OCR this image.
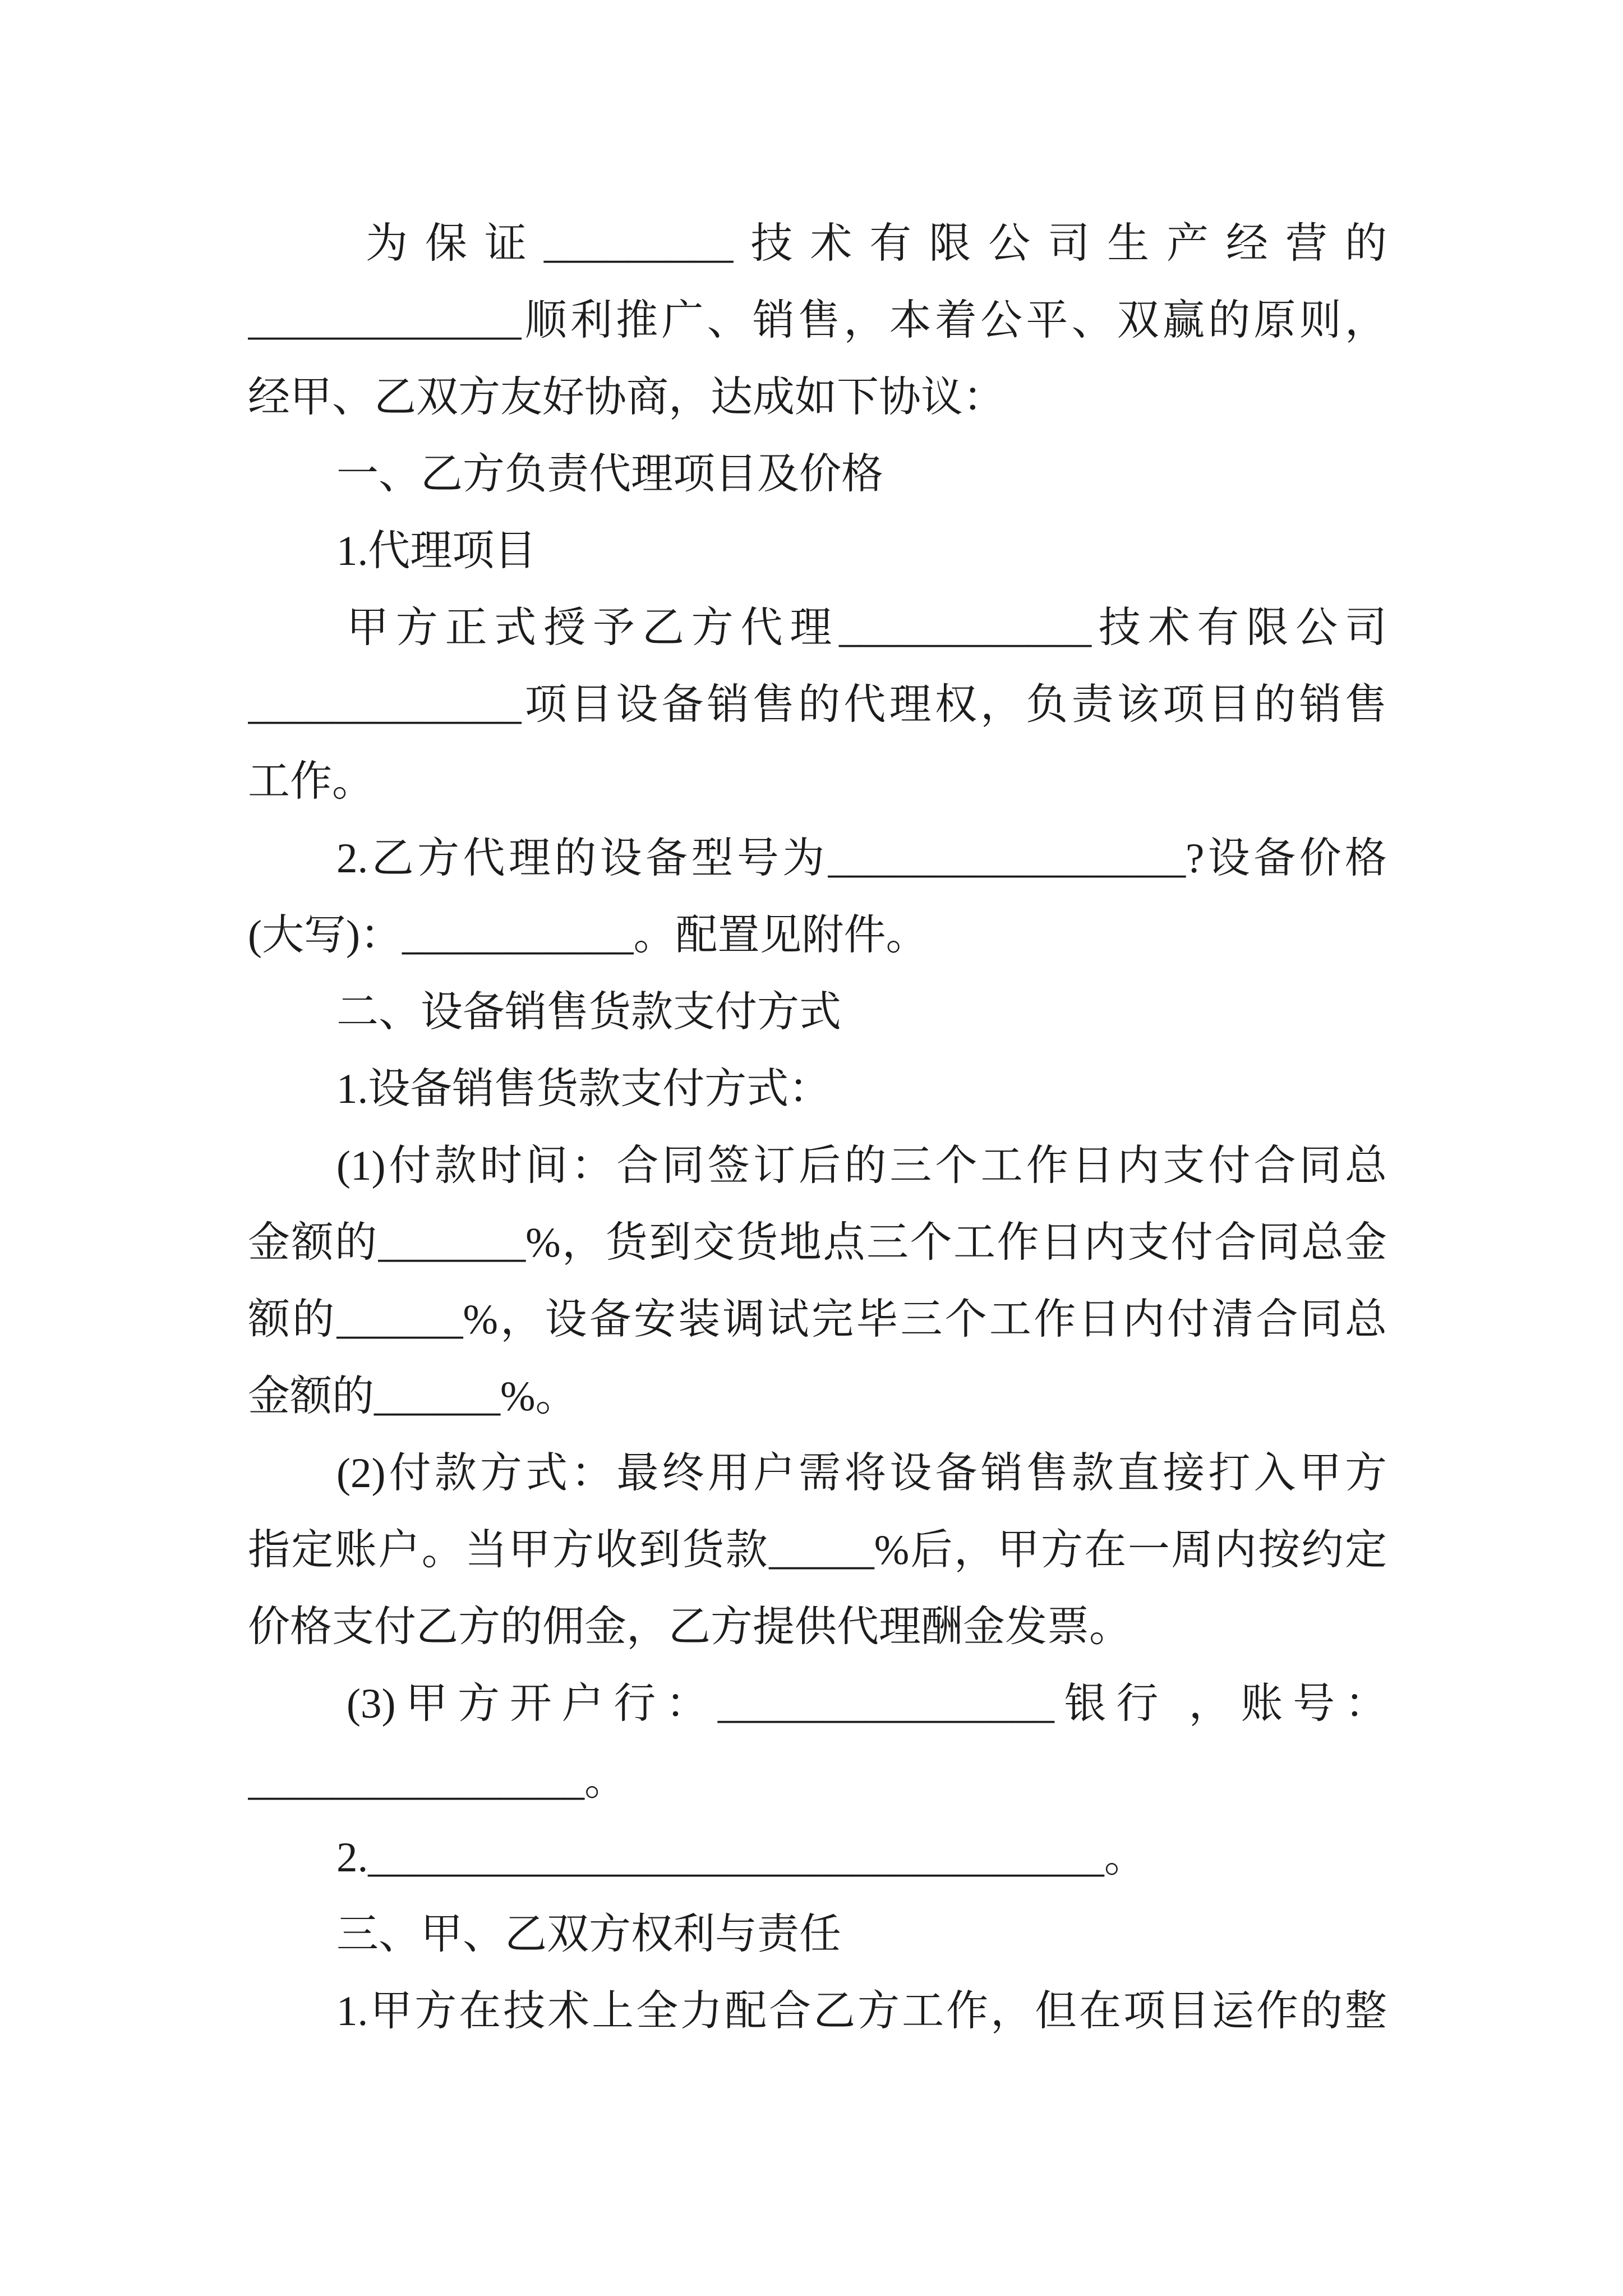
为保证_________技术有限公司生产经营的
_____________顺利推广、销售，本着公平、双赢的原则，
经甲、乙双方友好协商，达成如下协议：
一、乙方负责代理项目及价格
1.代理项目
甲方正式授予乙方代理____________技术有限公司
_____________项目设备销售的代理权，负责该项目的销售
工作。
2.乙方代理的设备型号为_________________?设备价格
(大写)：___________。配置见附件。
二、设备销售货款支付方式
1.设备销售货款支付方式：
(1)付款时间：合同签订后的三个工作日内支付合同总
金额的_______%，货到交货地点三个工作日内支付合同总金
额的______%，设备安装调试完毕三个工作日内付清合同总
金额的______%。
(2)付款方式：最终用户需将设备销售款直接打入甲方
指定账户。当甲方收到货款_____%后，甲方在一周内按约定
价格支付乙方的佣金，乙方提供代理酬金发票。
(3)甲方开户行：________________银行 ，账号：
________________。
2.___________________________________。
三、甲、乙双方权利与责任
1.甲方在技术上全力配合乙方工作，但在项目运作的整
